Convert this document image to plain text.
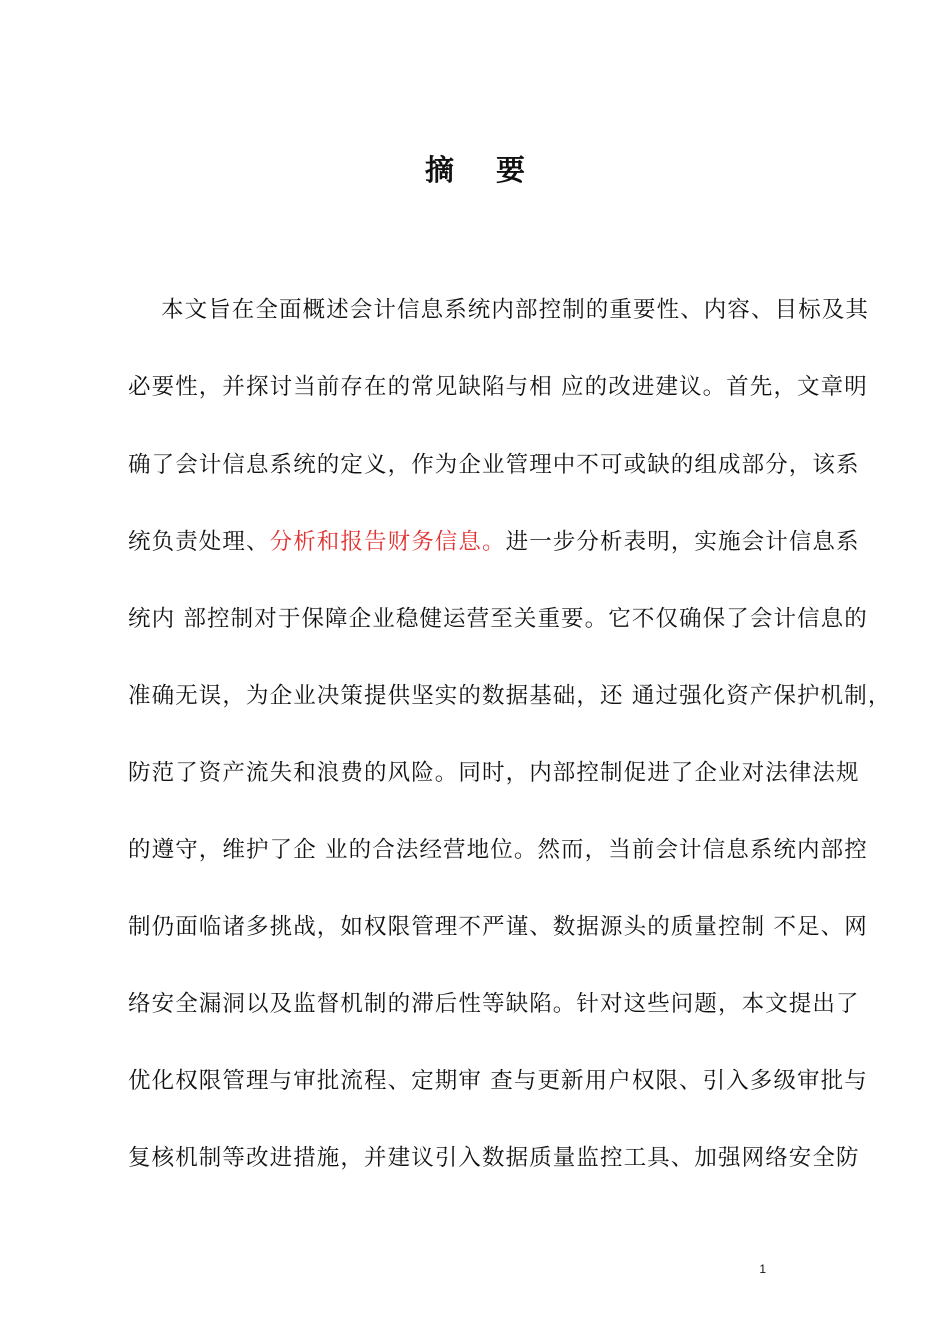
摘 要

本文旨在全面概述会计信息系统内部控制的重要性、内容、目标及其

必要性，并探讨当前存在的常见缺陷与相 应的改进建议。首先，文章明

确了会计信息系统的定义，作为企业管理中不可或缺的组成部分，该系

统负责处理、分析和报告财务信息。进一步分析表明，实施会计信息系

统内 部控制对于保障企业稳健运营至关重要。它不仅确保了会计信息的

准确无误，为企业决策提供坚实的数据基础，还 通过强化资产保护机制，

防范了资产流失和浪费的风险。同时，内部控制促进了企业对法律法规

的遵守，维护了企 业的合法经营地位。然而，当前会计信息系统内部控

制仍面临诸多挑战，如权限管理不严谨、数据源头的质量控制 不足、网

络安全漏洞以及监督机制的滞后性等缺陷。针对这些问题，本文提出了

优化权限管理与审批流程、定期审 查与更新用户权限、引入多级审批与

复核机制等改进措施，并建议引入数据质量监控工具、加强网络安全防

1
